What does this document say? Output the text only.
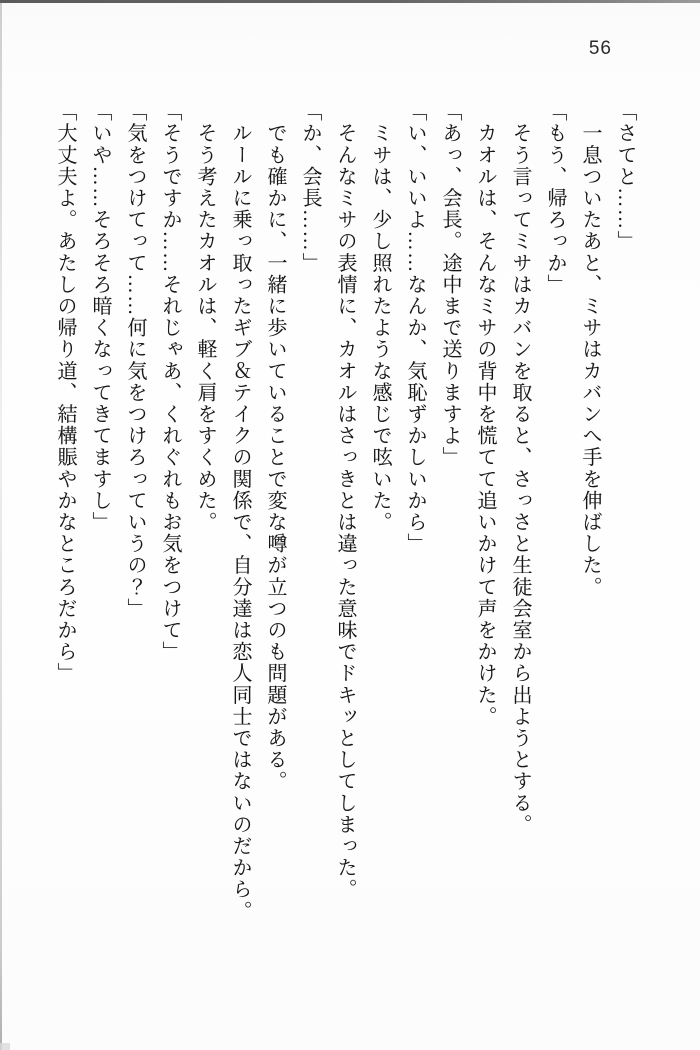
56

「さてと……」

　一息ついたあと、ミサはカバンへ手を伸ばした。

「もう、帰ろっか」

　そう言ってミサはカバンを取ると、さっさと生徒会室から出ようとする。

　カオルは、そんなミサの背中を慌てて追いかけて声をかけた。

「あっ、会長。途中まで送りますよ」

「い、いいよ……なんか、気恥ずかしいから」

　ミサは、少し照れたような感じで呟いた。

　そんなミサの表情に、カオルはさっきとは違った意味でドキッとしてしまった。

「か、会長……」

　でも確かに、一緒に歩いていることで変な噂が立つのも問題がある。

　ルールに乗っ取ったギブ＆テイクの関係で、自分達は恋人同士ではないのだから。

　そう考えたカオルは、軽く肩をすくめた。

「そうですか……それじゃあ、くれぐれもお気をつけて」

「気をつけてって……何に気をつけろっていうの？」

「いや……そろそろ暗くなってきてますし」

「大丈夫よ。あたしの帰り道、結構賑やかなところだから」
